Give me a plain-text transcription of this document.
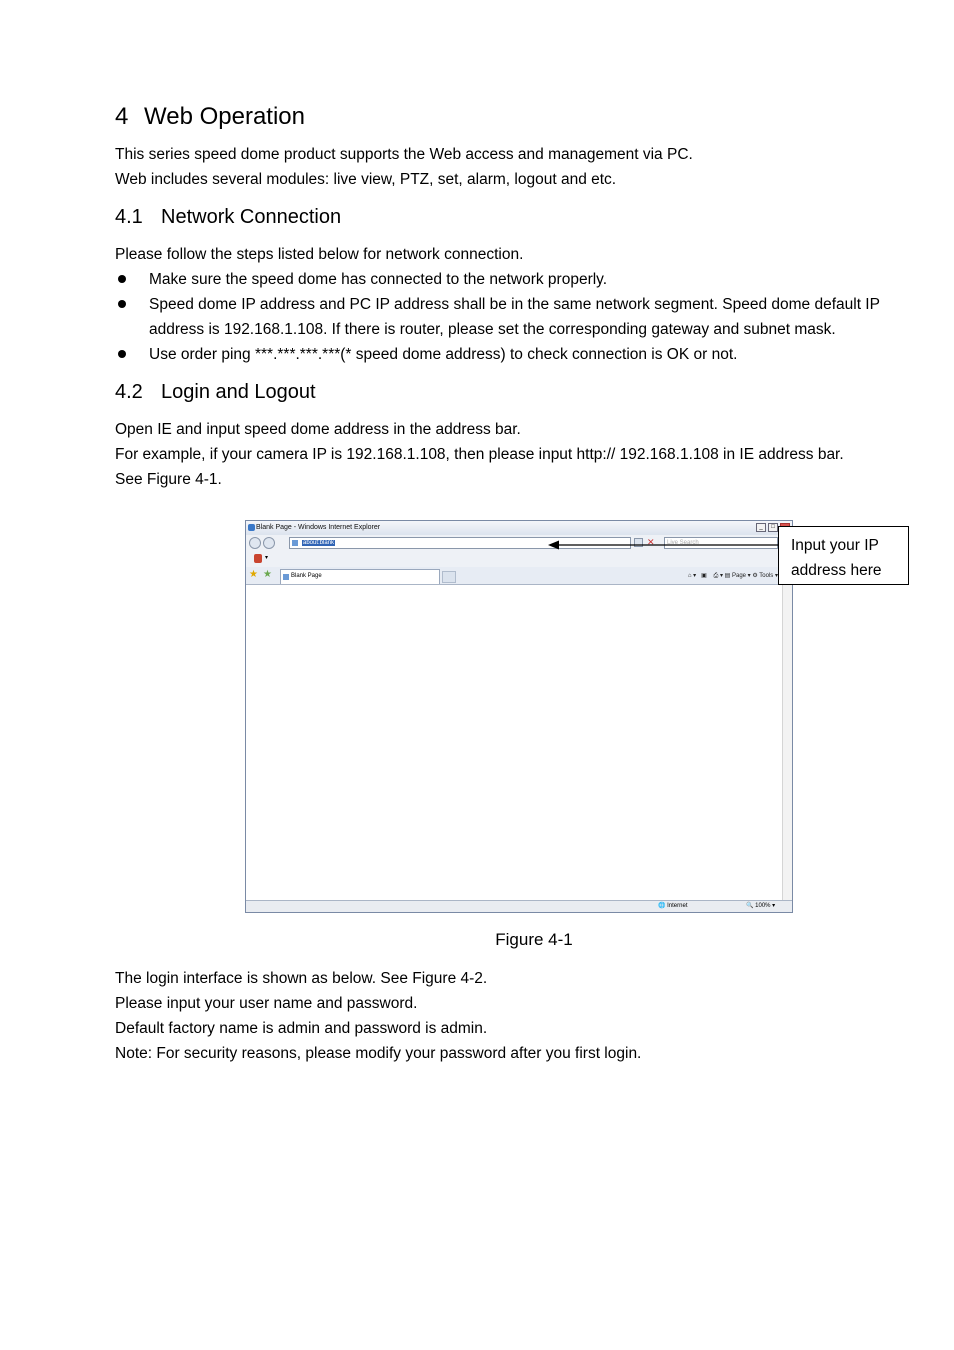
4 Web Operation

This series speed dome product supports the Web access and management via PC.

Web includes several modules: live view, PTZ, set, alarm, logout and etc.

4.1 Network Connection

Please follow the steps listed below for network connection.

Make sure the speed dome has connected to the network properly.
Speed dome IP address and PC IP address shall be in the same network segment. Speed dome default IP address is 192.168.1.108. If there is router, please set the corresponding gateway and subnet mask.
Use order ping ***.***.***.***(* speed dome address) to check connection is OK or not.
4.2 Login and Logout

Open IE and input speed dome address in the address bar.

For example, if your camera IP is 192.168.1.108, then please input http:// 192.168.1.108 in IE address bar.

See Figure 4-1.

Blank Page - Windows Internet Explorer	_	□
about:blank	✕	Live Search
▾
★ ★	Blank Page	⌂ ▾ ▣ ⎙ ▾ ▤ Page ▾ ⚙ Tools ▾
🌐 Internet	🔍 100% ▾
Input your IP
address here
Figure 4-1

The login interface is shown as below. See Figure 4-2.

Please input your user name and password.

Default factory name is admin and password is admin.

Note: For security reasons, please modify your password after you first login.
